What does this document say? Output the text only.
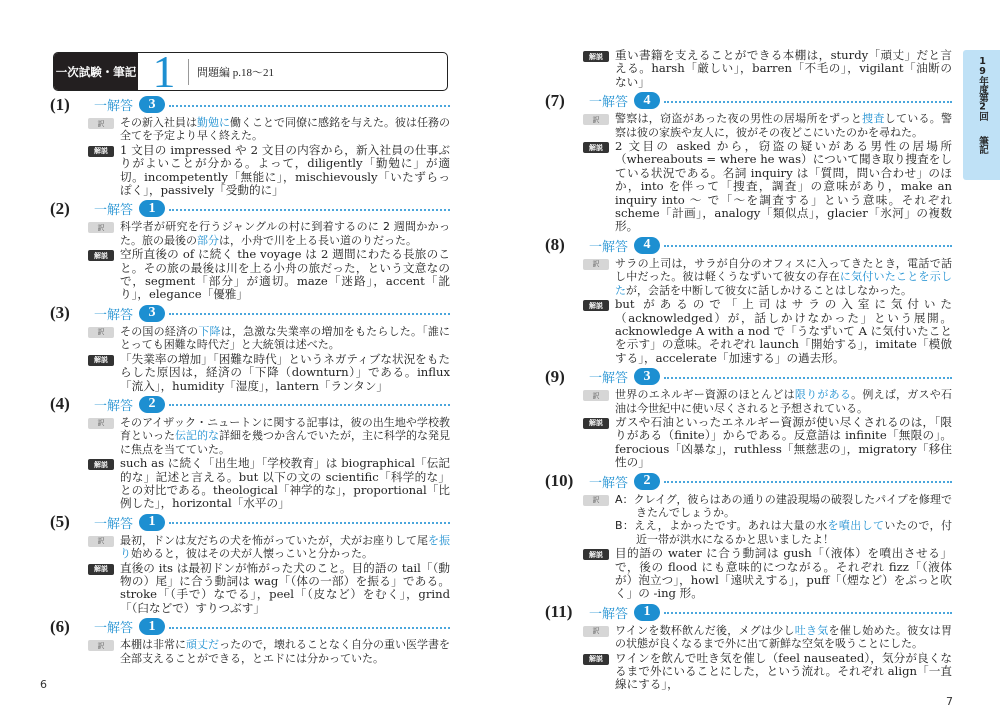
一次試験・筆記 1	問題編 p.18～21
(1)	一解答	3
訳	その新入社員は勤勉に働くことで同僚に感銘を与えた。彼は任務の全てを予定より早く終えた。
解説	1 文目の impressed や 2 文目の内容から，新入社員の仕事ぶりがよいことが分かる。よって，diligently「勤勉に」が適切。incompetently「無能に」，mischievously「いたずらっぽく」，passively「受動的に」
(2)	一解答	1
訳	科学者が研究を行うジャングルの村に到着するのに 2 週間かかった。旅の最後の部分は，小舟で川を上る長い道のりだった。
解説	空所直後の of に続く the voyage は 2 週間にわたる長旅のこと。その旅の最後は川を上る小舟の旅だった，という文意なので，segment「部分」が適切。maze「迷路」，accent「訛り」，elegance「優雅」
(3)	一解答	3
訳	その国の経済の下降は，急激な失業率の増加をもたらした。「誰にとっても困難な時代だ」と大統領は述べた。
解説	「失業率の増加」「困難な時代」というネガティブな状況をもたらした原因は，経済の「下降（downturn）」である。influx「流入」，humidity「湿度」，lantern「ランタン」
(4)	一解答	2
訳	そのアイザック・ニュートンに関する記事は，彼の出生地や学校教育といった伝記的な詳細を幾つか含んでいたが，主に科学的な発見に焦点を当てていた。
解説	such as に続く「出生地」「学校教育」は biographical「伝記的な」記述と言える。but 以下の文の scientific「科学的な」との対比である。theological「神学的な」，proportional「比例した」，horizontal「水平の」
(5)	一解答	1
訳	最初，ドンは友だちの犬を怖がっていたが，犬がお座りして尾を振り始めると，彼はその犬が人懐っこいと分かった。
解説	直後の its は最初ドンが怖がった犬のこと。目的語の tail「（動物の）尾」に合う動詞は wag「（体の一部）を振る」である。stroke「（手で）なでる」，peel「（皮など）をむく」，grind「（臼などで）すりつぶす」
(6)	一解答	1
訳	本棚は非常に頑丈だったので，壊れることなく自分の重い医学書を全部支えることができる，とエドには分かっていた。
解説	重い書籍を支えることができる本棚は，sturdy「頑丈」だと言える。harsh「厳しい」，barren「不毛の」，vigilant「油断のない」
(7)	一解答	4
訳	警察は，窃盗があった夜の男性の居場所をずっと捜査している。警察は彼の家族や友人に，彼がその夜どこにいたのかを尋ねた。
解説	2 文目の asked から，窃盗の疑いがある男性の居場所（whereabouts = where he was）について聞き取り捜査をしている状況である。名詞 inquiry は「質問，問い合わせ」のほか，into を伴って「捜査，調査」の意味があり，make an inquiry into ～ で「～を調査する」という意味。それぞれ scheme「計画」，analogy「類似点」，glacier「氷河」の複数形。
(8)	一解答	4
訳	サラの上司は，サラが自分のオフィスに入ってきたとき，電話で話し中だった。彼は軽くうなずいて彼女の存在に気付いたことを示したが，会話を中断して彼女に話しかけることはしなかった。
解説	but があるので「上司はサラの入室に気付いた（acknowledged）が，話しかけなかった」という展開。acknowledge A with a nod で「うなずいて A に気付いたことを示す」の意味。それぞれ launch「開始する」，imitate「模倣する」，accelerate「加速する」の過去形。
(9)	一解答	3
訳	世界のエネルギー資源のほとんどは限りがある。例えば，ガスや石油は今世紀中に使い尽くされると予想されている。
解説	ガスや石油といったエネルギー資源が使い尽くされるのは，「限りがある（finite）」からである。反意語は infinite「無限の」。ferocious「凶暴な」，ruthless「無慈悲の」，migratory「移住性の」
(10)	一解答	2
訳	A：クレイグ，彼らはあの通りの建設現場の破裂したパイプを修理できたんでしょうか。
B：ええ，よかったです。あれは大量の水を噴出していたので，付近一帯が洪水になるかと思いましたよ！
解説	目的語の water に合う動詞は gush「（液体）を噴出させる」で，後の flood にも意味的につながる。それぞれ fizz「（液体が）泡立つ」，howl「遠吠えする」，puff「（煙など）をぷっと吹く」の -ing 形。
(11)	一解答	1
訳	ワインを数杯飲んだ後，メグは少し吐き気を催し始めた。彼女は胃の状態が良くなるまで外に出て新鮮な空気を吸うことにした。
解説	ワインを飲んで吐き気を催し（feel nauseated），気分が良くなるまで外にいることにした，という流れ。それぞれ align「一直線にする」，
6
7
19年度第2回
筆記
